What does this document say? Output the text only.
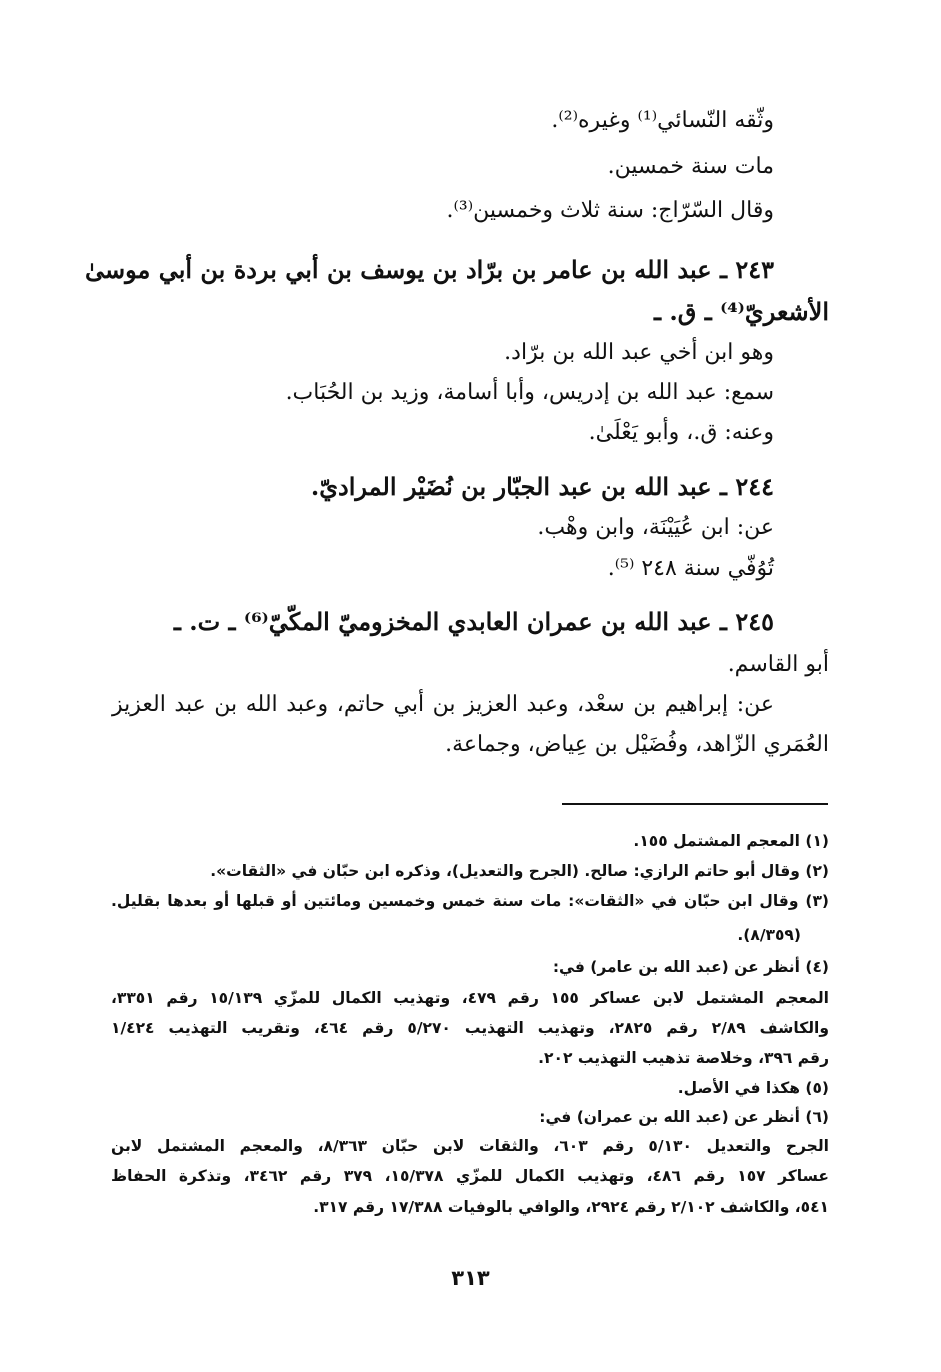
وثّقه النّسائي⁽¹⁾ وغيره⁽²⁾.
مات سنة خمسين.
وقال السّرّاج: سنة ثلاث وخمسين⁽³⁾.
٢٤٣ ـ عبد الله بن عامر بن برّاد بن يوسف بن أبي بردة بن أبي موسىٰ
الأشعريّ⁽⁴⁾ ـ ق. ـ
وهو ابن أخي عبد الله بن برّاد.
سمع: عبد الله بن إدريس، وأبا أسامة، وزيد بن الحُبَاب.
وعنه: ق.، وأبو يَعْلَىٰ.
٢٤٤ ـ عبد الله بن عبد الجبّار بن نُضَيْر المراديّ.
عن: ابن عُيَيْنَة، وابن وهْب.
تُوُفّي سنة ٢٤٨ ⁽⁵⁾.
٢٤٥ ـ عبد الله بن عمران العابدي المخزوميّ المكّيّ⁽⁶⁾ ـ ت. ـ
أبو القاسم.
عن: إبراهيم بن سعْد، وعبد العزيز بن أبي حاتم، وعبد الله بن عبد العزيز
العُمَري الزّاهد، وفُضَيْل بن عِياض، وجماعة.
(١) المعجم المشتمل ١٥٥.
(٢) وقال أبو حاتم الرازي: صالح. (الجرح والتعديل)، وذكره ابن حبّان في «الثقات».
(٣) وقال ابن حبّان في «الثقات»: مات سنة خمس وخمسين ومائتين أو قبلها أو بعدها بقليل.
(٨/٣٥٩).
(٤) أنظر عن (عبد الله بن عامر) في:
المعجم المشتمل لابن عساكر ١٥٥ رقم ٤٧٩، وتهذيب الكمال للمزّي ١٥/١٣٩ رقم ٣٣٥١،
والكاشف ٢/٨٩ رقم ٢٨٢٥، وتهذيب التهذيب ٥/٢٧٠ رقم ٤٦٤، وتقريب التهذيب ١/٤٢٤
رقم ٣٩٦، وخلاصة تذهيب التهذيب ٢٠٢.
(٥) هكذا في الأصل.
(٦) أنظر عن (عبد الله بن عمران) في:
الجرح والتعديل ٥/١٣٠ رقم ٦٠٣، والثقات لابن حبّان ٨/٣٦٣، والمعجم المشتمل لابن
عساكر ١٥٧ رقم ٤٨٦، وتهذيب الكمال للمزّي ١٥/٣٧٨، ٣٧٩ رقم ٣٤٦٢، وتذكرة الحفاظ
٥٤١، والكاشف ٢/١٠٢ رقم ٢٩٢٤، والوافي بالوفيات ١٧/٣٨٨ رقم ٣١٧.
٣١٣
